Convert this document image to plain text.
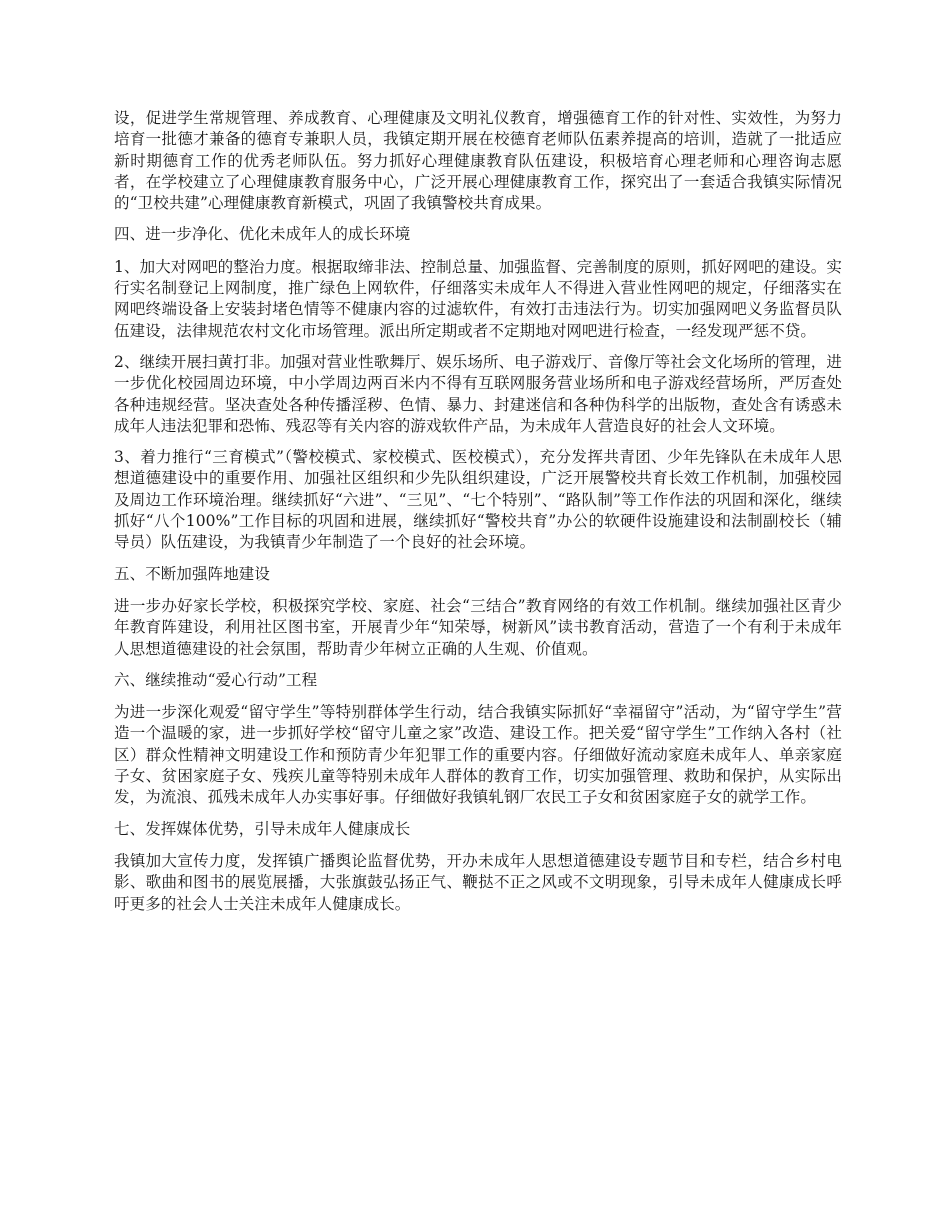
设，促进学生常规管理、养成教育、心理健康及文明礼仪教育，增强德育工作的针对性、实效性，为努力培育一批德才兼备的德育专兼职人员，我镇定期开展在校德育老师队伍素养提高的培训，造就了一批适应新时期德育工作的优秀老师队伍。努力抓好心理健康教育队伍建设，积极培育心理老师和心理咨询志愿者，在学校建立了心理健康教育服务中心，广泛开展心理健康教育工作，探究出了一套适合我镇实际情况的“卫校共建”心理健康教育新模式，巩固了我镇警校共育成果。

四、进一步净化、优化未成年人的成长环境

1、加大对网吧的整治力度。根据取缔非法、控制总量、加强监督、完善制度的原则，抓好网吧的建设。实行实名制登记上网制度，推广绿色上网软件，仔细落实未成年人不得进入营业性网吧的规定，仔细落实在网吧终端设备上安装封堵色情等不健康内容的过滤软件，有效打击违法行为。切实加强网吧义务监督员队伍建设，法律规范农村文化市场管理。派出所定期或者不定期地对网吧进行检查，一经发现严惩不贷。

2、继续开展扫黄打非。加强对营业性歌舞厅、娱乐场所、电子游戏厅、音像厅等社会文化场所的管理，进一步优化校园周边环境，中小学周边两百米内不得有互联网服务营业场所和电子游戏经营场所，严厉查处各种违规经营。坚决查处各种传播淫秽、色情、暴力、封建迷信和各种伪科学的出版物，查处含有诱惑未成年人违法犯罪和恐怖、残忍等有关内容的游戏软件产品，为未成年人营造良好的社会人文环境。

3、着力推行“三育模式”（警校模式、家校模式、医校模式），充分发挥共青团、少年先锋队在未成年人思想道德建设中的重要作用、加强社区组织和少先队组织建设，广泛开展警校共育长效工作机制，加强校园及周边工作环境治理。继续抓好“六进”、“三见”、“七个特别”、“路队制”等工作作法的巩固和深化，继续抓好“八个100%”工作目标的巩固和进展，继续抓好“警校共育”办公的软硬件设施建设和法制副校长（辅导员）队伍建设，为我镇青少年制造了一个良好的社会环境。

五、不断加强阵地建设

进一步办好家长学校，积极探究学校、家庭、社会“三结合”教育网络的有效工作机制。继续加强社区青少年教育阵建设，利用社区图书室，开展青少年“知荣辱，树新风”读书教育活动，营造了一个有利于未成年人思想道德建设的社会氛围，帮助青少年树立正确的人生观、价值观。

六、继续推动“爱心行动”工程

为进一步深化观爱“留守学生”等特别群体学生行动，结合我镇实际抓好“幸福留守”活动，为“留守学生”营造一个温暖的家，进一步抓好学校“留守儿童之家”改造、建设工作。把关爱“留守学生”工作纳入各村（社区）群众性精神文明建设工作和预防青少年犯罪工作的重要内容。仔细做好流动家庭未成年人、单亲家庭子女、贫困家庭子女、残疾儿童等特别未成年人群体的教育工作，切实加强管理、救助和保护，从实际出发，为流浪、孤残未成年人办实事好事。仔细做好我镇轧钢厂农民工子女和贫困家庭子女的就学工作。

七、发挥媒体优势，引导未成年人健康成长

我镇加大宣传力度，发挥镇广播舆论监督优势，开办未成年人思想道德建设专题节目和专栏，结合乡村电影、歌曲和图书的展览展播，大张旗鼓弘扬正气、鞭挞不正之风或不文明现象，引导未成年人健康成长呼吁更多的社会人士关注未成年人健康成长。
